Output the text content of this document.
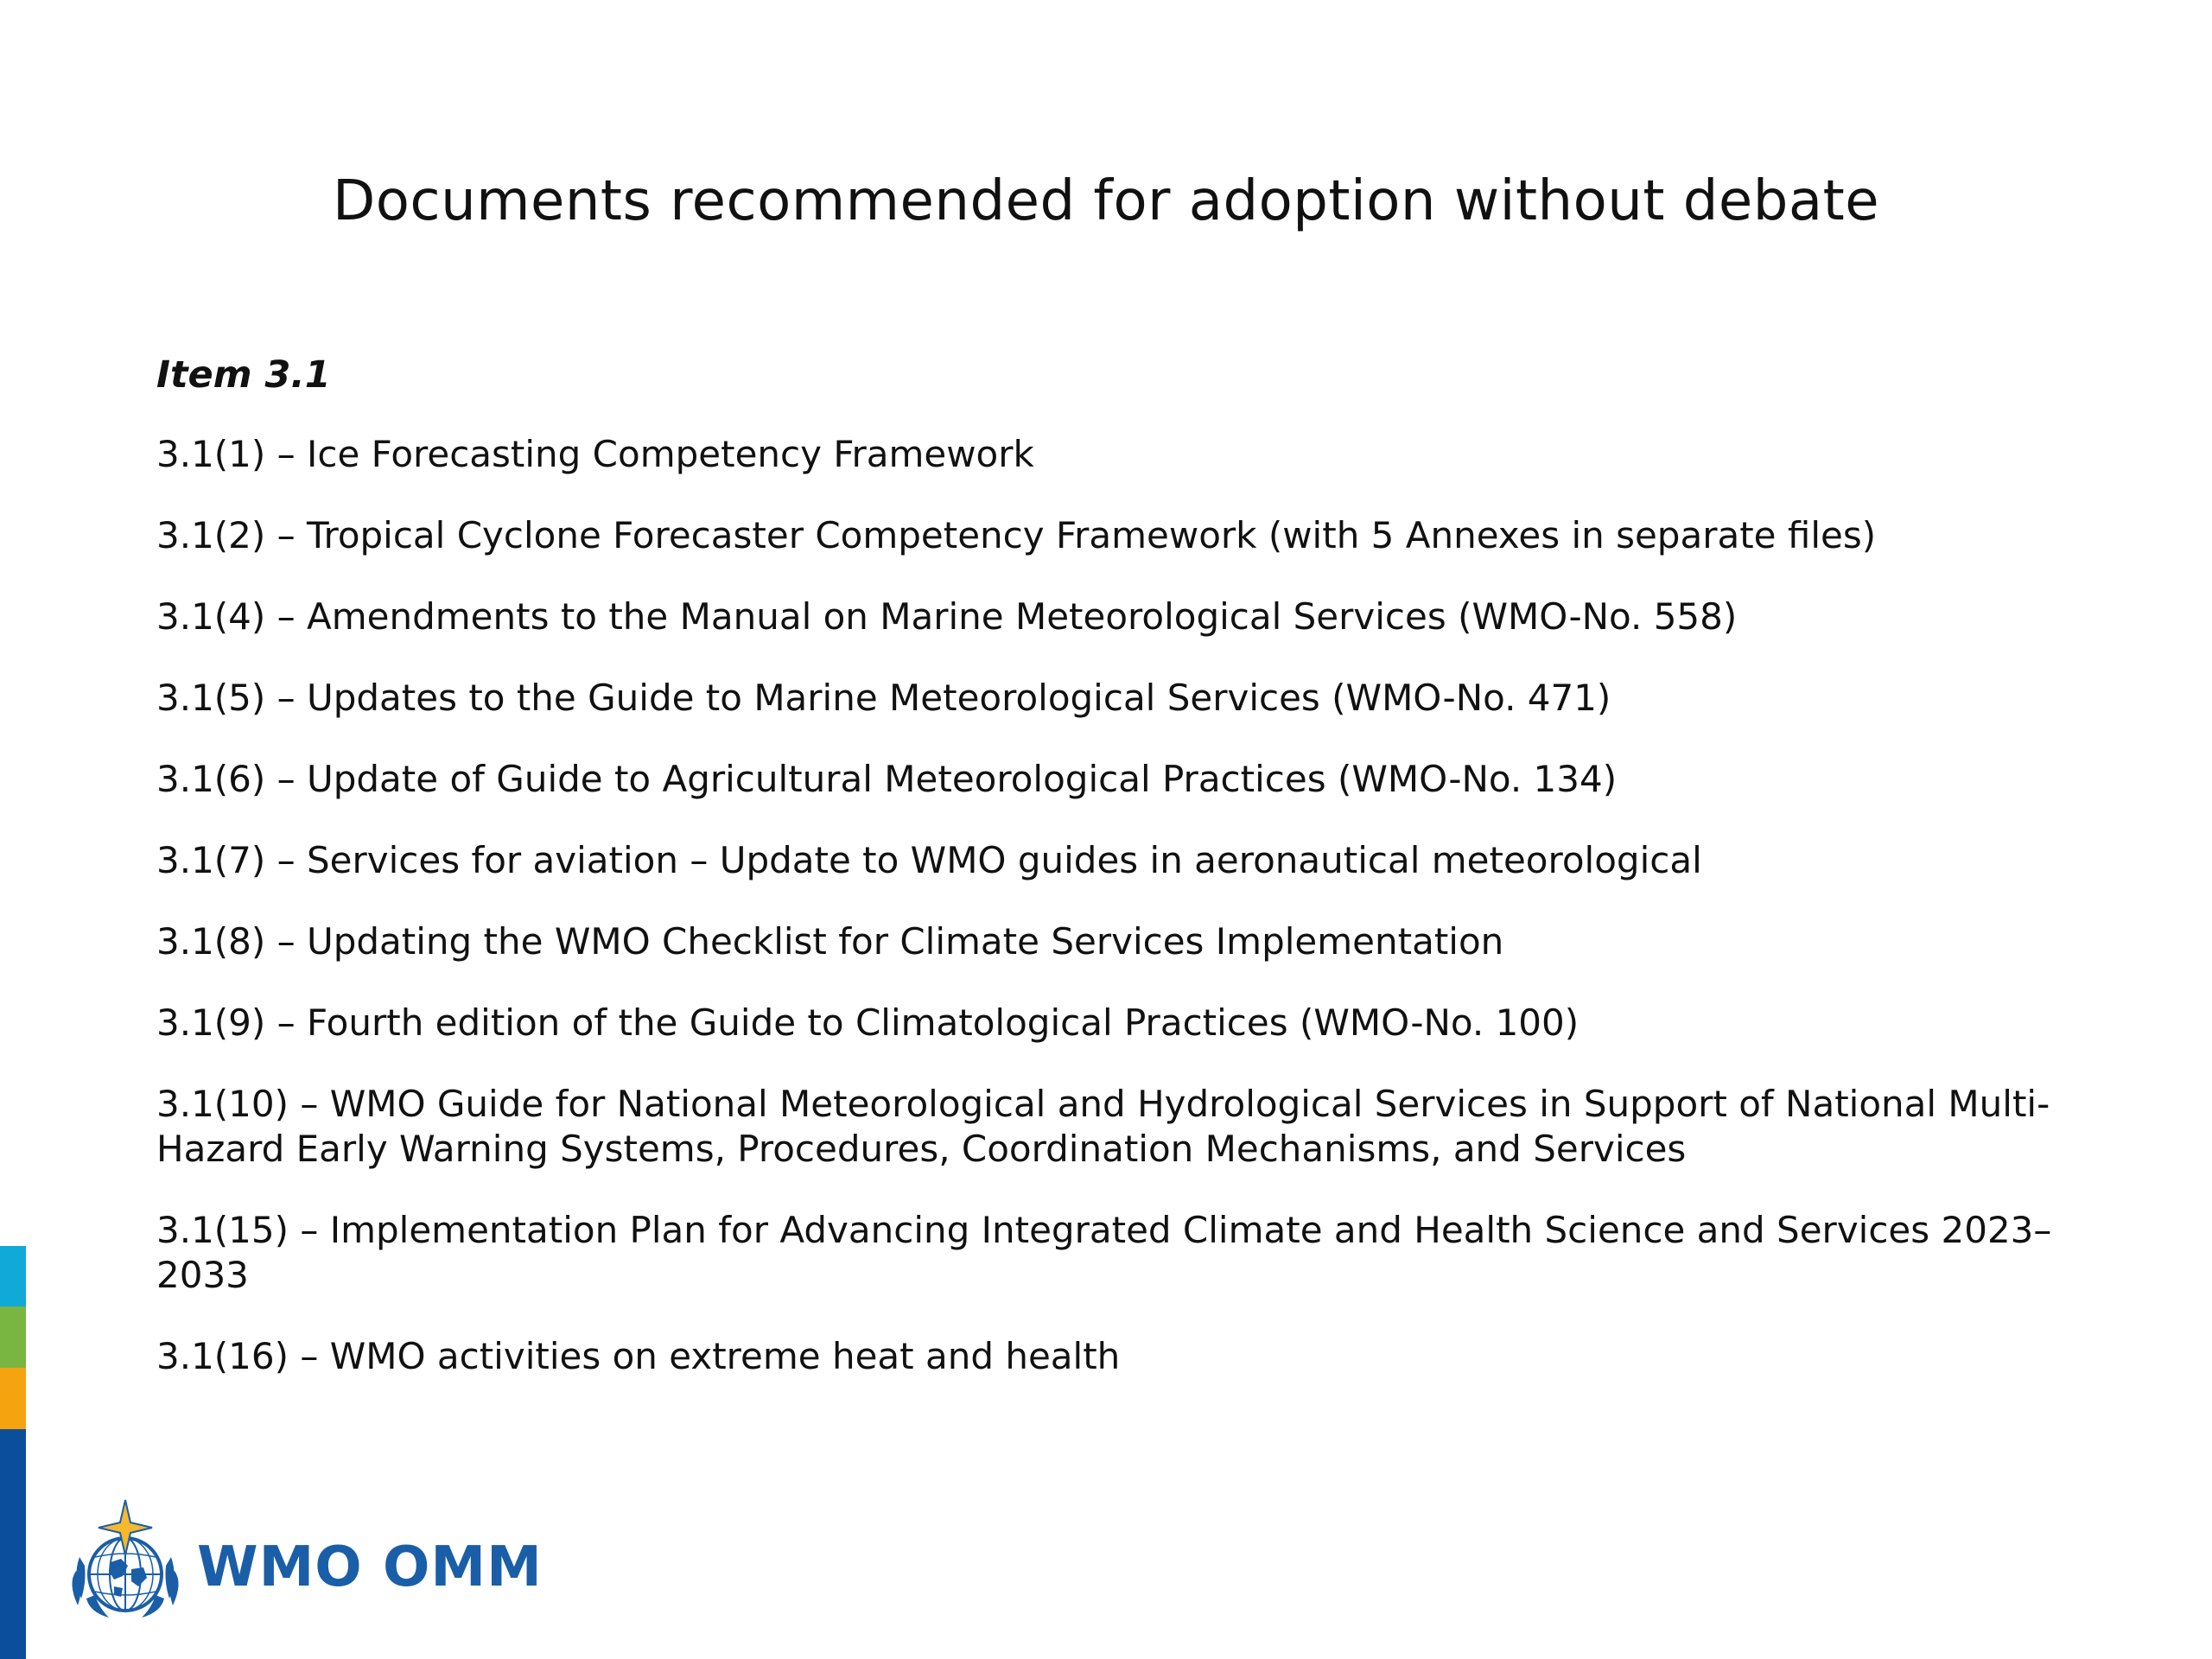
Documents recommended for adoption without debate
Item 3.1
3.1(1) – Ice Forecasting Competency Framework
3.1(2) – Tropical Cyclone Forecaster Competency Framework (with 5 Annexes in separate files)
3.1(4) – Amendments to the Manual on Marine Meteorological Services (WMO-No. 558)
3.1(5) – Updates to the Guide to Marine Meteorological Services (WMO-No. 471)
3.1(6) – Update of Guide to Agricultural Meteorological Practices (WMO-No. 134)
3.1(7) – Services for aviation – Update to WMO guides in aeronautical meteorological
3.1(8) – Updating the WMO Checklist for Climate Services Implementation
3.1(9) – Fourth edition of the Guide to Climatological Practices (WMO-No. 100)
3.1(10) – WMO Guide for National Meteorological and Hydrological Services in Support of National Multi-Hazard Early Warning Systems, Procedures, Coordination Mechanisms, and Services
3.1(15) – Implementation Plan for Advancing Integrated Climate and Health Science and Services 2023–2033
3.1(16) – WMO activities on extreme heat and health
WMO OMM
